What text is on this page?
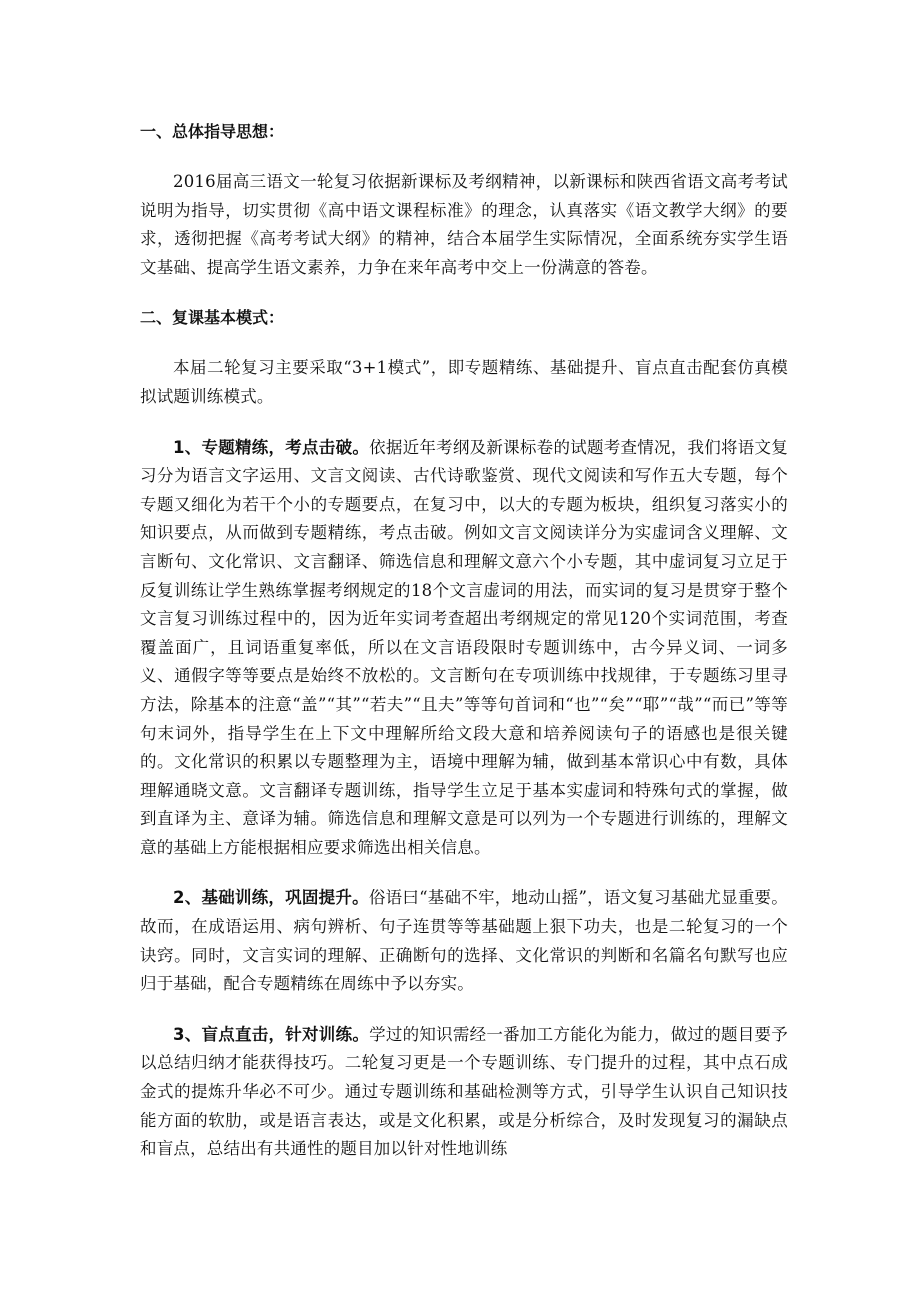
一、总体指导思想：

2016届高三语文一轮复习依据新课标及考纲精神，以新课标和陕西省语文高考考试说明为指导，切实贯彻《高中语文课程标准》的理念，认真落实《语文教学大纲》的要求，透彻把握《高考考试大纲》的精神，结合本届学生实际情况，全面系统夯实学生语文基础、提高学生语文素养，力争在来年高考中交上一份满意的答卷。

二、复课基本模式：

本届二轮复习主要采取“3+1模式”，即专题精练、基础提升、盲点直击配套仿真模拟试题训练模式。

1、专题精练，考点击破。依据近年考纲及新课标卷的试题考查情况，我们将语文复习分为语言文字运用、文言文阅读、古代诗歌鉴赏、现代文阅读和写作五大专题，每个专题又细化为若干个小的专题要点，在复习中，以大的专题为板块，组织复习落实小的知识要点，从而做到专题精练，考点击破。例如文言文阅读详分为实虚词含义理解、文言断句、文化常识、文言翻译、筛选信息和理解文意六个小专题，其中虚词复习立足于反复训练让学生熟练掌握考纲规定的18个文言虚词的用法，而实词的复习是贯穿于整个文言复习训练过程中的，因为近年实词考查超出考纲规定的常见120个实词范围，考查覆盖面广，且词语重复率低，所以在文言语段限时专题训练中，古今异义词、一词多义、通假字等等要点是始终不放松的。文言断句在专项训练中找规律，于专题练习里寻方法，除基本的注意“盖”“其”“若夫”“且夫”等等句首词和“也”“矣”“耶”“哉”“而已”等等句末词外，指导学生在上下文中理解所给文段大意和培养阅读句子的语感也是很关键的。文化常识的积累以专题整理为主，语境中理解为辅，做到基本常识心中有数，具体理解通晓文意。文言翻译专题训练，指导学生立足于基本实虚词和特殊句式的掌握，做到直译为主、意译为辅。筛选信息和理解文意是可以列为一个专题进行训练的，理解文意的基础上方能根据相应要求筛选出相关信息。

2、基础训练，巩固提升。俗语曰“基础不牢，地动山摇”，语文复习基础尤显重要。故而，在成语运用、病句辨析、句子连贯等等基础题上狠下功夫，也是二轮复习的一个诀窍。同时，文言实词的理解、正确断句的选择、文化常识的判断和名篇名句默写也应归于基础，配合专题精练在周练中予以夯实。

3、盲点直击，针对训练。学过的知识需经一番加工方能化为能力，做过的题目要予以总结归纳才能获得技巧。二轮复习更是一个专题训练、专门提升的过程，其中点石成金式的提炼升华必不可少。通过专题训练和基础检测等方式，引导学生认识自己知识技能方面的软肋，或是语言表达，或是文化积累，或是分析综合，及时发现复习的漏缺点和盲点，总结出有共通性的题目加以针对性地训练
